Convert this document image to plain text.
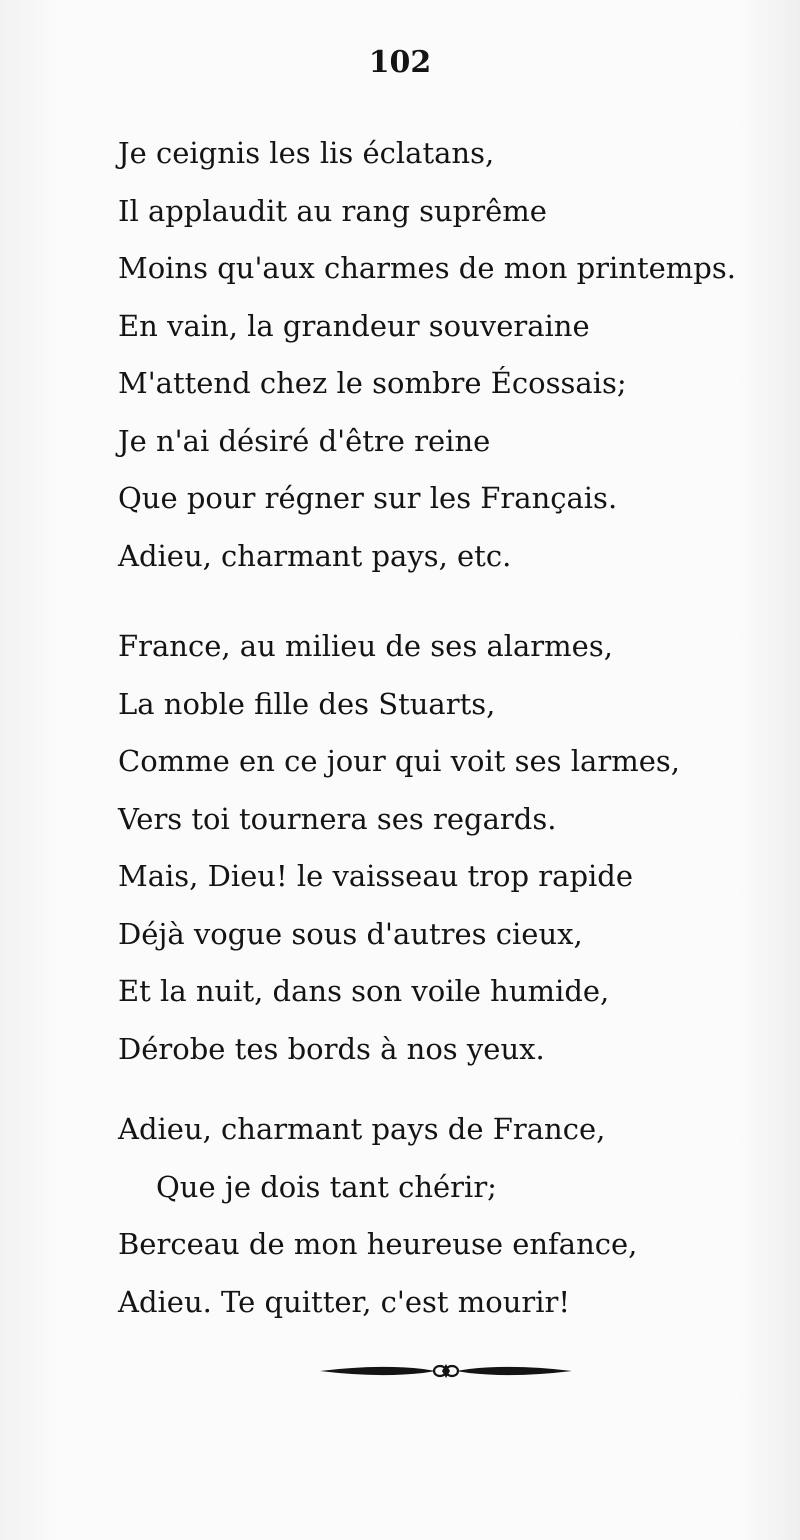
102
Je ceignis les lis éclatans,
Il applaudit au rang suprême
Moins qu'aux charmes de mon printemps.
En vain, la grandeur souveraine
M'attend chez le sombre Écossais;
Je n'ai désiré d'être reine
Que pour régner sur les Français.
Adieu, charmant pays, etc.
France, au milieu de ses alarmes,
La noble fille des Stuarts,
Comme en ce jour qui voit ses larmes,
Vers toi tournera ses regards.
Mais, Dieu! le vaisseau trop rapide
Déjà vogue sous d'autres cieux,
Et la nuit, dans son voile humide,
Dérobe tes bords à nos yeux.
Adieu, charmant pays de France,
Que je dois tant chérir;
Berceau de mon heureuse enfance,
Adieu. Te quitter, c'est mourir!
